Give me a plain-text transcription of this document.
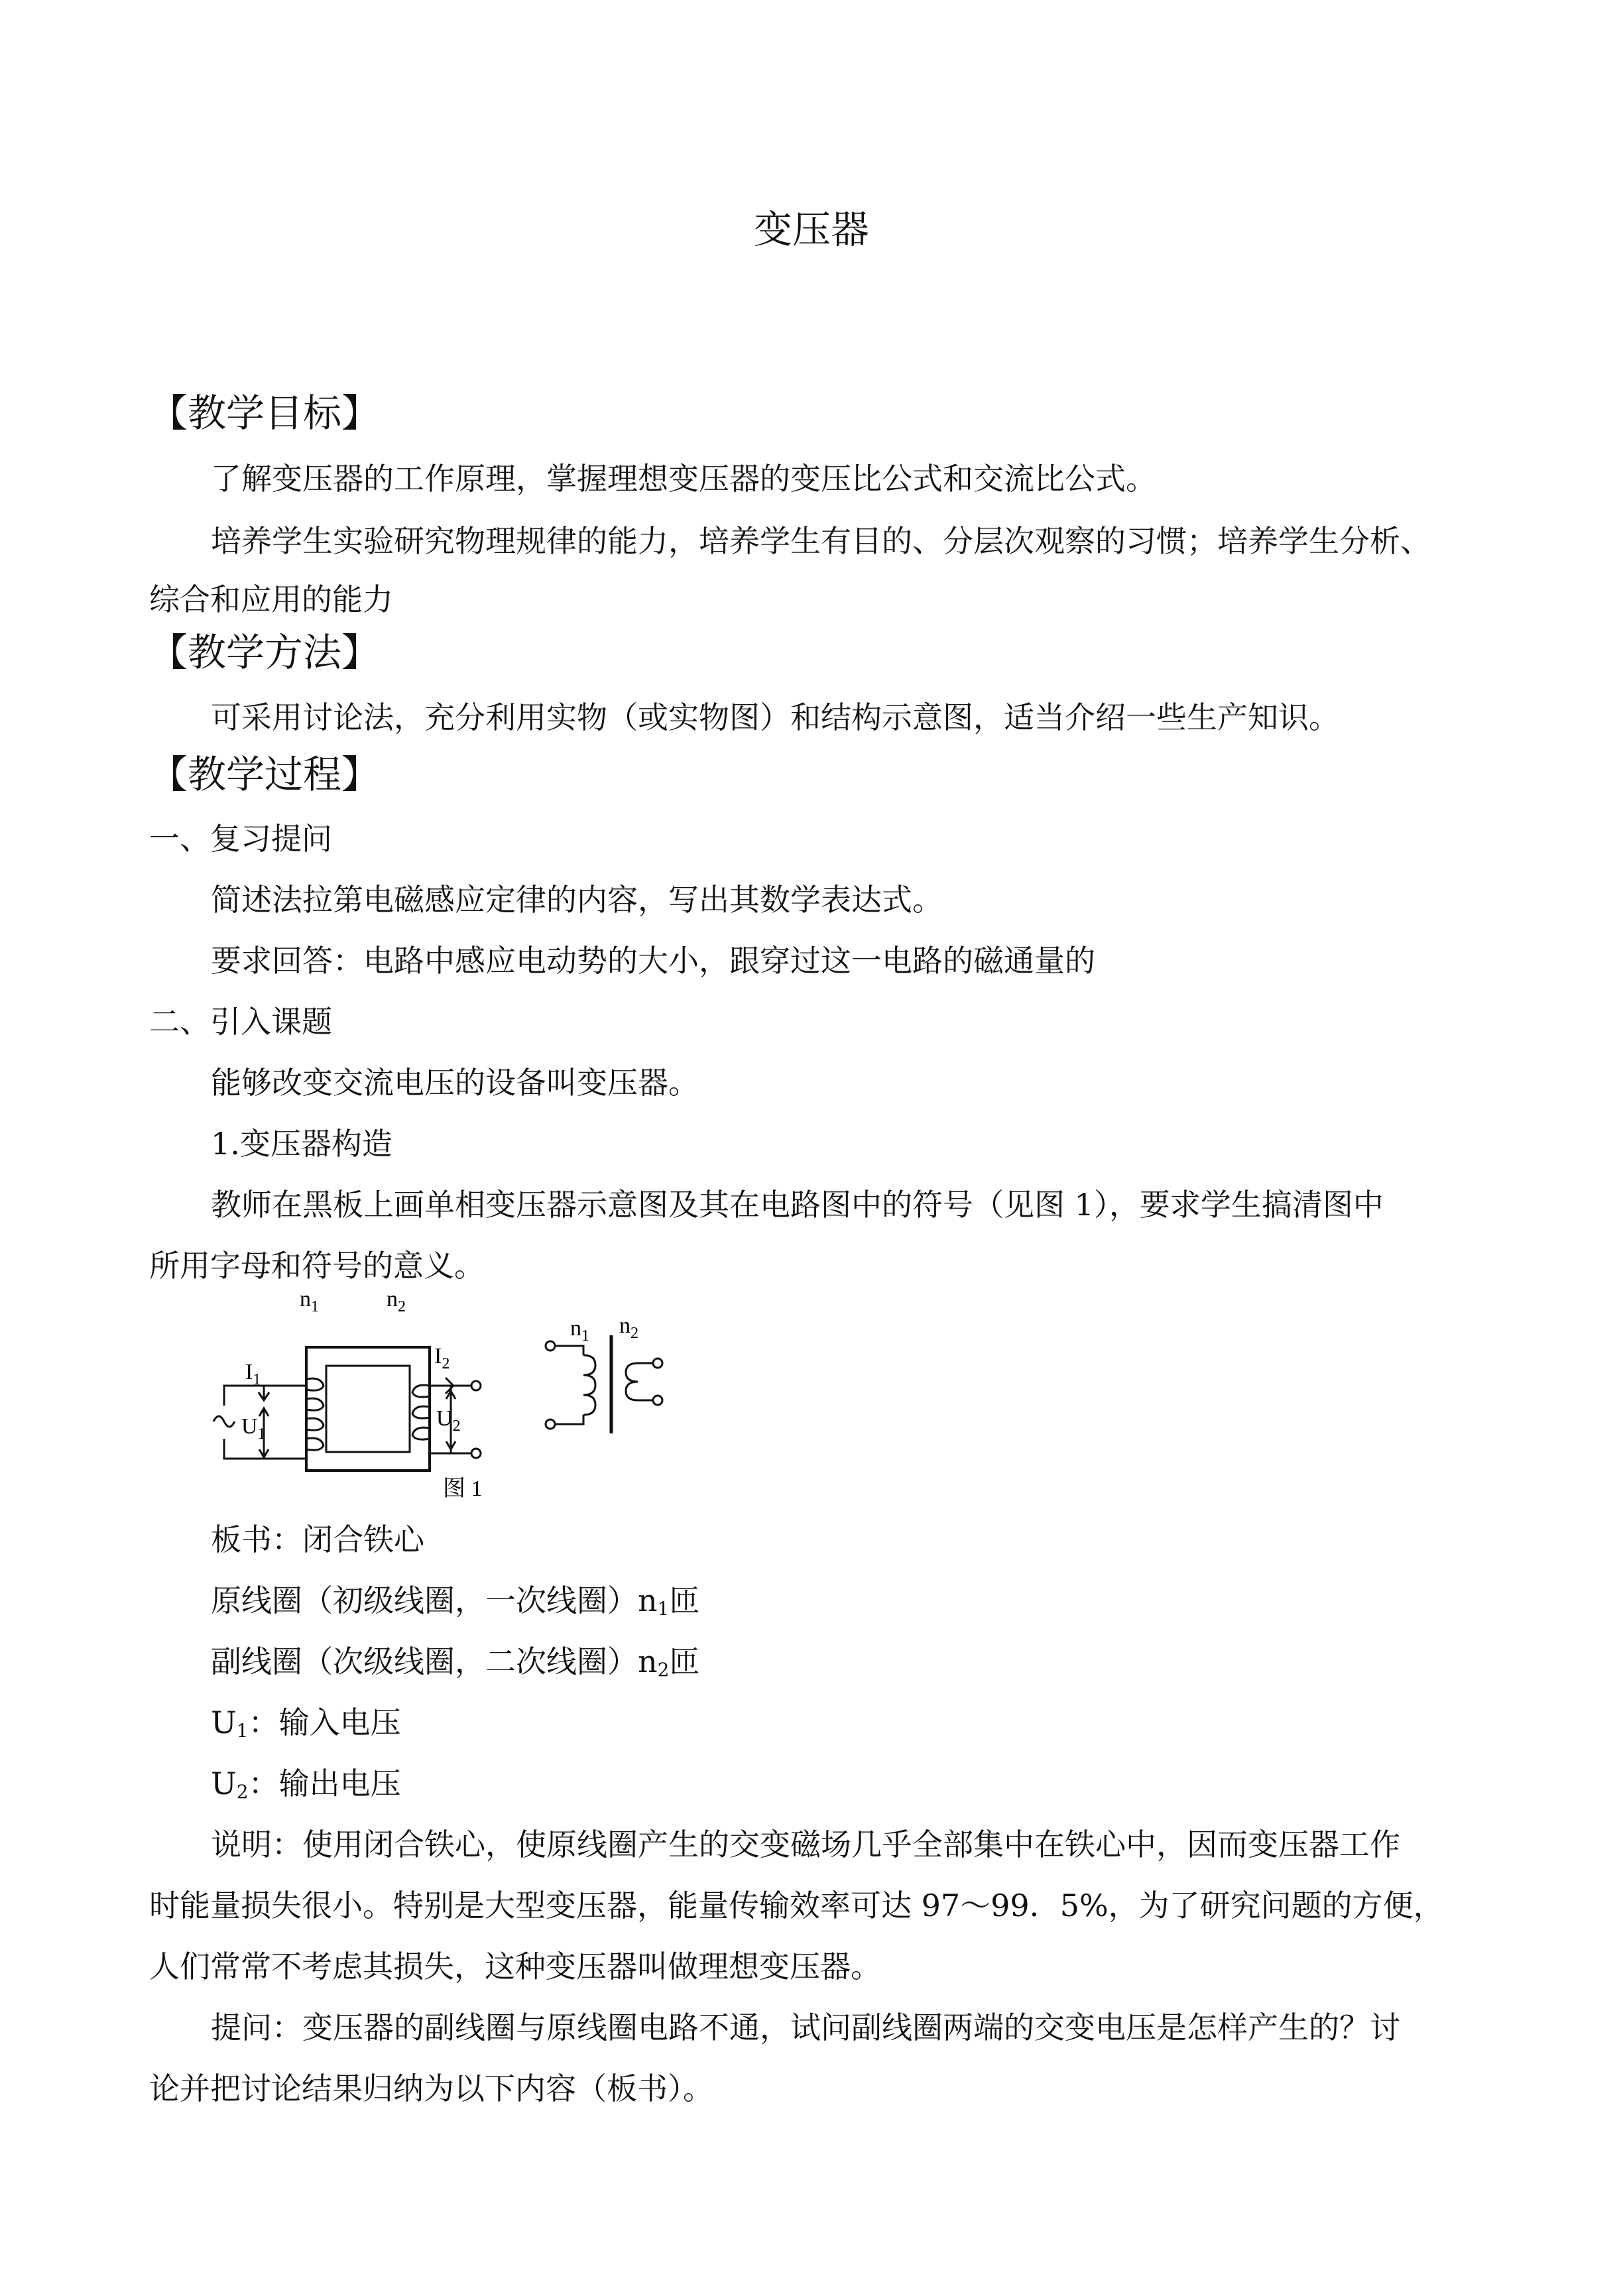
变压器
【教学目标】
了解变压器的工作原理，掌握理想变压器的变压比公式和交流比公式。
培养学生实验研究物理规律的能力，培养学生有目的、分层次观察的习惯；培养学生分析、
综合和应用的能力
【教学方法】
可采用讨论法，充分利用实物（或实物图）和结构示意图，适当介绍一些生产知识。
【教学过程】
一、复习提问
简述法拉第电磁感应定律的内容，写出其数学表达式。
要求回答：电路中感应电动势的大小，跟穿过这一电路的磁通量的
二、引入课题
能够改变交流电压的设备叫变压器。
1.变压器构造
教师在黑板上画单相变压器示意图及其在电路图中的符号（见图 1），要求学生搞清图中
所用字母和符号的意义。
$n_1$	$n_2$
$I_1$
$U_1$
$I_2$
$U_2$
$n_1$ $n_2$
图 1
板书：闭合铁心
原线圈（初级线圈，一次线圈）$n_1$匝
副线圈（次级线圈，二次线圈）$n_2$匝
$U_1$：输入电压
$U_2$：输出电压
说明：使用闭合铁心，使原线圈产生的交变磁场几乎全部集中在铁心中，因而变压器工作
时能量损失很小。特别是大型变压器，能量传输效率可达 97～99．5%，为了研究问题的方便，
人们常常不考虑其损失，这种变压器叫做理想变压器。
提问：变压器的副线圈与原线圈电路不通，试问副线圈两端的交变电压是怎样产生的？讨
论并把讨论结果归纳为以下内容（板书）。
